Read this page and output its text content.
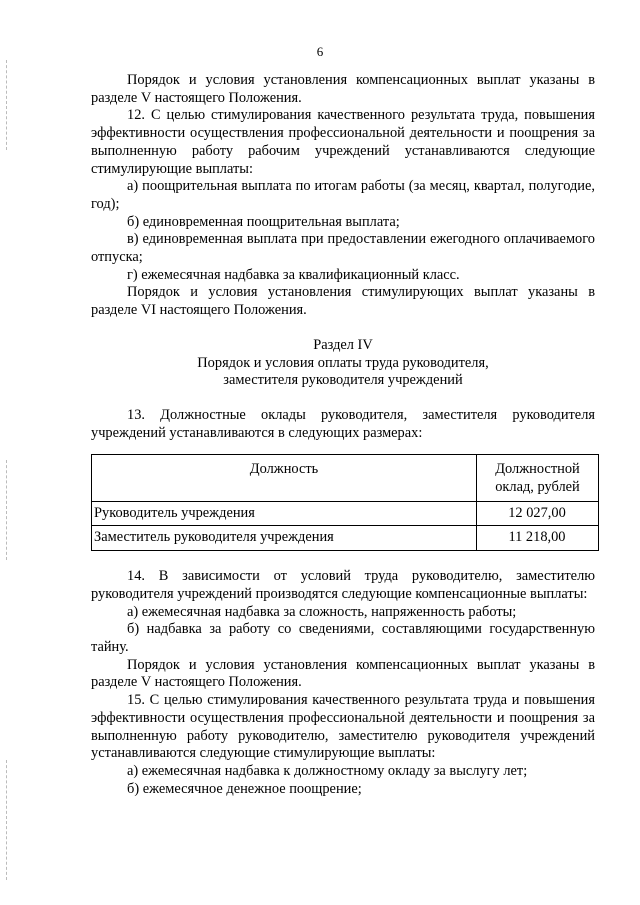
6

Порядок и условия установления компенсационных выплат указаны в разделе V настоящего Положения.

12. С целью стимулирования качественного результата труда, повышения эффективности осуществления профессиональной деятельности и поощрения за выполненную работу рабочим учреждений устанавливаются следующие стимулирующие выплаты:

а) поощрительная выплата по итогам работы (за месяц, квартал, полугодие, год);

б) единовременная поощрительная выплата;

в) единовременная выплата при предоставлении ежегодного оплачиваемого отпуска;

г) ежемесячная надбавка за квалификационный класс.

Порядок и условия установления стимулирующих выплат указаны в разделе VI настоящего Положения.

Раздел IV
Порядок и условия оплаты труда руководителя,
заместителя руководителя учреждений

13. Должностные оклады руководителя, заместителя руководителя учреждений устанавливаются в следующих размерах:

Должность	Должностной оклад, рублей
Руководитель учреждения	12 027,00
Заместитель руководителя учреждения	11 218,00

14. В зависимости от условий труда руководителю, заместителю руководителя учреждений производятся следующие компенсационные выплаты:

а) ежемесячная надбавка за сложность, напряженность работы;

б) надбавка за работу со сведениями, составляющими государственную тайну.

Порядок и условия установления компенсационных выплат указаны в разделе V настоящего Положения.

15. С целью стимулирования качественного результата труда и повышения эффективности осуществления профессиональной деятельности и поощрения за выполненную работу руководителю, заместителю руководителя учреждений устанавливаются следующие стимулирующие выплаты:

а) ежемесячная надбавка к должностному окладу за выслугу лет;

б) ежемесячное денежное поощрение;
